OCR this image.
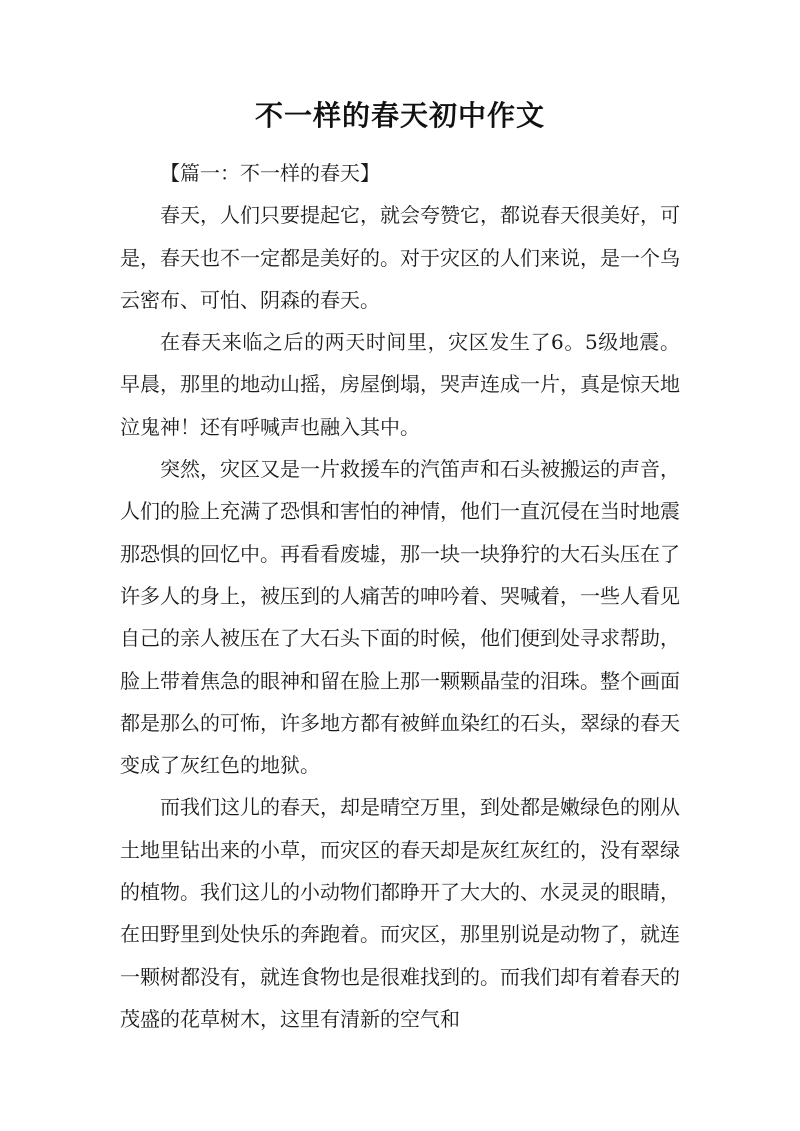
不一样的春天初中作文

【篇一：不一样的春天】

春天，人们只要提起它，就会夸赞它，都说春天很美好，可是，春天也不一定都是美好的。对于灾区的人们来说，是一个乌云密布、可怕、阴森的春天。

在春天来临之后的两天时间里，灾区发生了6。5级地震。早晨，那里的地动山摇，房屋倒塌，哭声连成一片，真是惊天地泣鬼神！还有呼喊声也融入其中。

突然，灾区又是一片救援车的汽笛声和石头被搬运的声音，人们的脸上充满了恐惧和害怕的神情，他们一直沉侵在当时地震那恐惧的回忆中。再看看废墟，那一块一块狰狞的大石头压在了许多人的身上，被压到的人痛苦的呻吟着、哭喊着，一些人看见自己的亲人被压在了大石头下面的时候，他们便到处寻求帮助，脸上带着焦急的眼神和留在脸上那一颗颗晶莹的泪珠。整个画面都是那么的可怖，许多地方都有被鲜血染红的石头，翠绿的春天变成了灰红色的地狱。

而我们这儿的春天，却是晴空万里，到处都是嫩绿色的刚从土地里钻出来的小草，而灾区的春天却是灰红灰红的，没有翠绿的植物。我们这儿的小动物们都睁开了大大的、水灵灵的眼睛，在田野里到处快乐的奔跑着。而灾区，那里别说是动物了，就连一颗树都没有，就连食物也是很难找到的。而我们却有着春天的茂盛的花草树木，这里有清新的空气和
